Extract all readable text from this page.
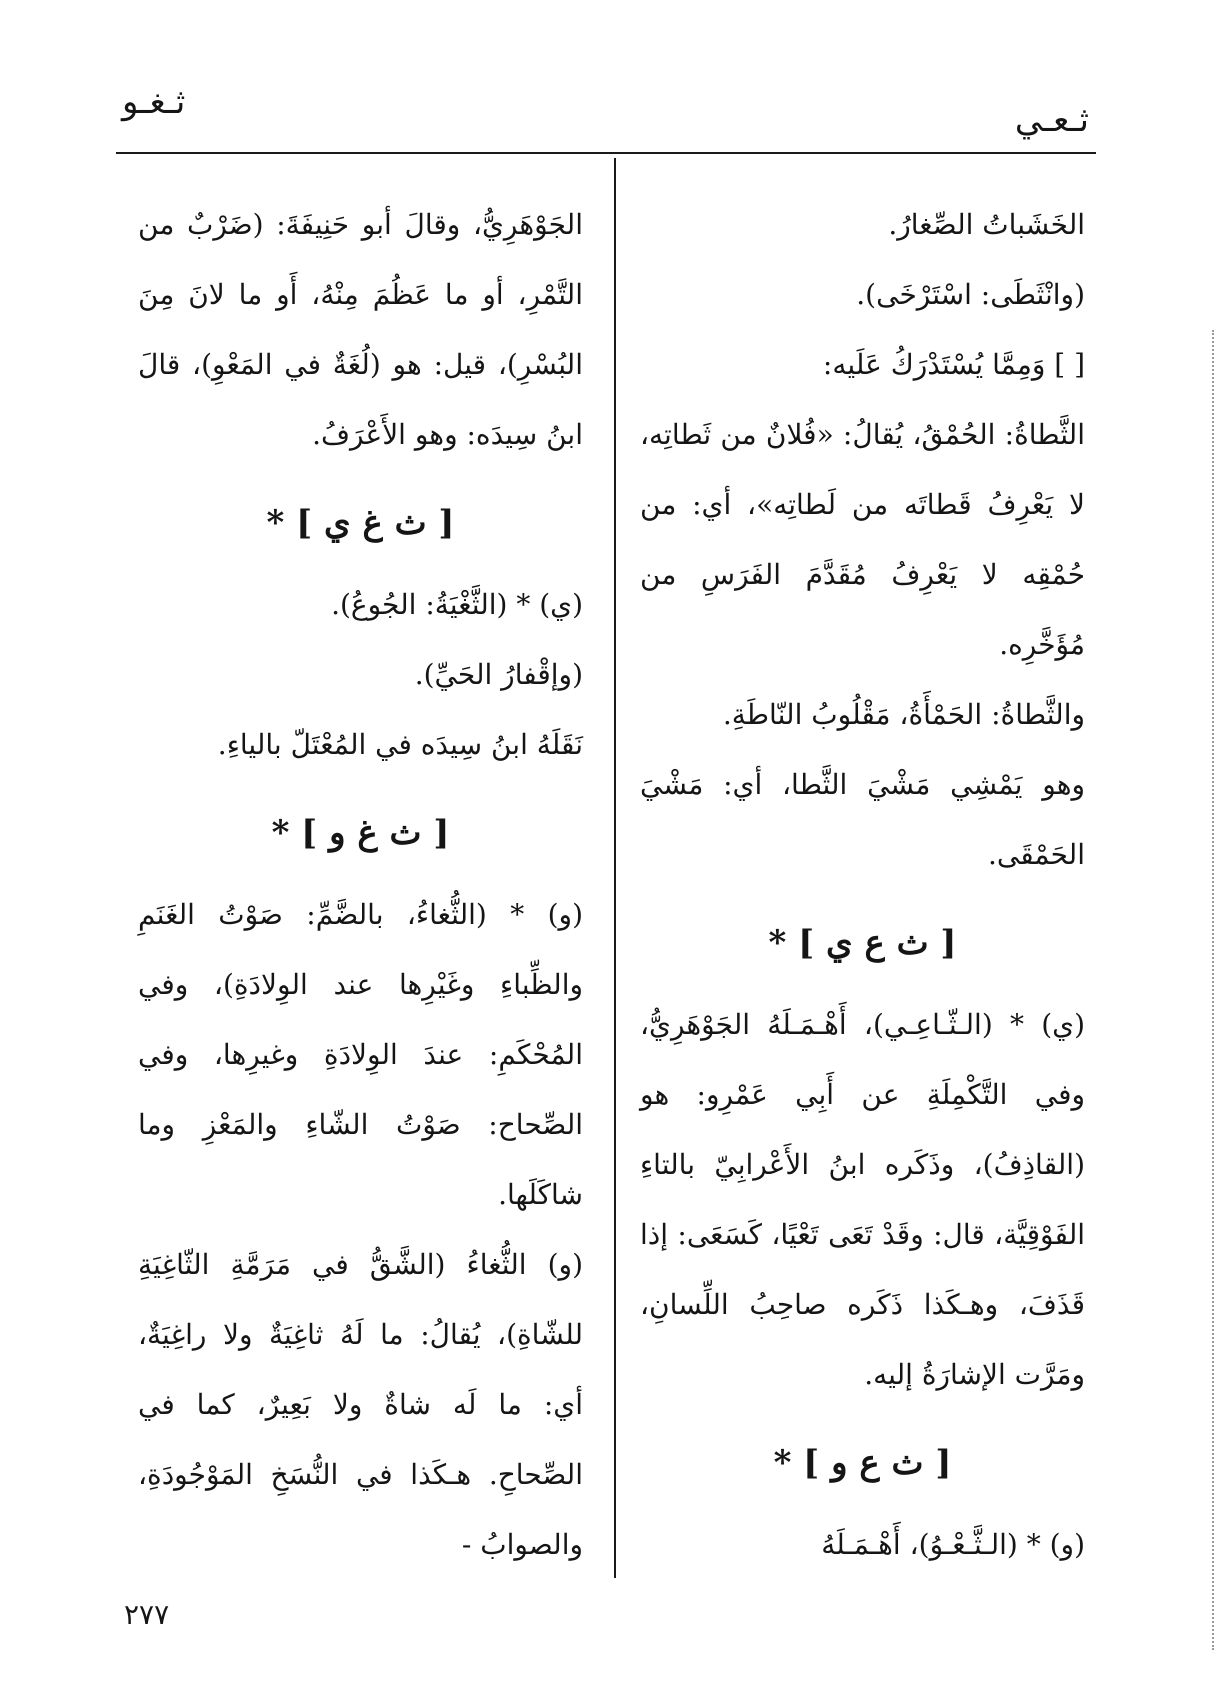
ثـغـو	ثـعـي

الخَشَباتُ الصِّغارُ.

(وانْثَطَى: اسْتَرْخَى).

[ ] وَمِمَّا يُسْتَدْرَكُ عَلَيه:

الثَّطاةُ: الحُمْقُ، يُقالُ: «فُلانٌ من ثَطاتِه، لا يَعْرِفُ قَطاتَه من لَطاتِه»، أي: من حُمْقِه لا يَعْرِفُ مُقَدَّمَ الفَرَسِ من مُؤَخَّرِه.

والثَّطاةُ: الحَمْأَةُ، مَقْلُوبُ النّاطَةِ.

وهو يَمْشِي مَشْيَ الثَّطا، أي: مَشْيَ الحَمْقَى.

[ ث ع ي ] *

(ي) * (الـثّـاعِـي)، أَهْـمَـلَهُ الجَوْهَرِيُّ، وفي التَّكْمِلَةِ عن أَبِي عَمْرِو: هو (القاذِفُ)، وذَكَره ابنُ الأَعْرابِيّ بالتاءِ الفَوْقِيَّة، قال: وقَدْ تَعَى تَعْيًا، كَسَعَى: إذا قَذَفَ، وهـكَذا ذَكَره صاحِبُ اللِّسانِ، ومَرَّت الإشارَةُ إليه.

[ ث ع و ] *

(و) * (الـثَّـعْـوُ)، أَهْـمَـلَهُ

الجَوْهَرِيُّ، وقالَ أبو حَنِيفَةَ: (ضَرْبٌ من التَّمْرِ، أو ما عَظُمَ مِنْهُ، أَو ما لانَ مِنَ البُسْرِ)، قيل: هو (لُغَةٌ في المَعْوِ)، قالَ ابنُ سِيدَه: وهو الأَعْرَفُ.

[ ث غ ي ] *

(ي) * (الثَّغْيَةُ: الجُوعُ).

(وإقْفارُ الحَيِّ).

نَقَلَهُ ابنُ سِيدَه في المُعْتَلّ بالياءِ.

[ ث غ و ] *

(و) * (الثُّغاءُ، بالضَّمِّ: صَوْتُ الغَنَمِ والظِّباءِ وغَيْرِها عند الوِلادَةِ)، وفي المُحْكَمِ: عندَ الوِلادَةِ وغيرِها، وفي الصِّحاح: صَوْتُ الشّاءِ والمَعْزِ وما شاكَلَها.

(و) الثُّغاءُ (الشَّقُّ في مَرَمَّةِ الثّاغِيَةِ للشّاةِ)، يُقالُ: ما لَهُ ثاغِيَةٌ ولا راغِيَةٌ، أي: ما لَه شاةٌ ولا بَعِيرٌ، كما في الصِّحاحِ. هـكَذا في النُّسَخِ المَوْجُودَةِ، والصوابُ -

٢٧٧
